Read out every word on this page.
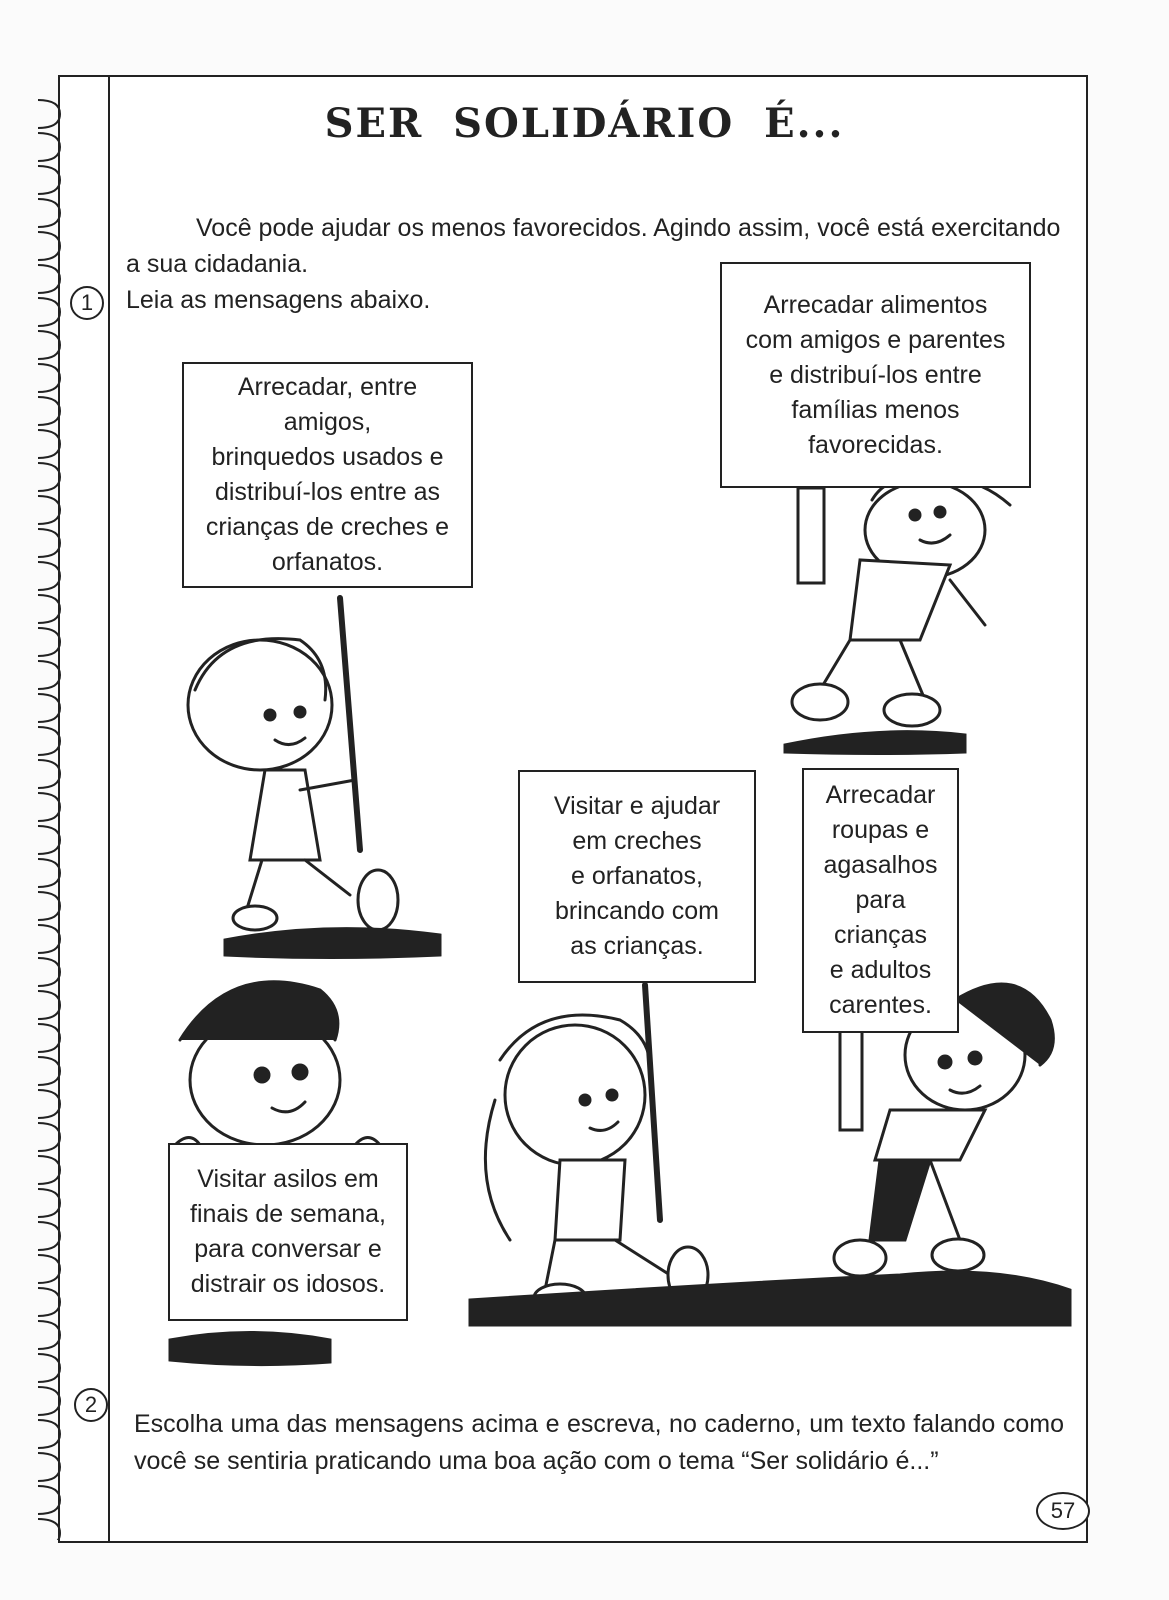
SER SOLIDÁRIO É...

Você pode ajudar os menos favorecidos. Agindo assim, você está exercitando a sua cidadania.

Leia as mensagens abaixo.

1
Arrecadar, entre
amigos,
brinquedos usados e
distribuí-los entre as
crianças de creches e
orfanatos.
Arrecadar alimentos
com amigos e parentes
e distribuí-los entre
famílias menos
favorecidas.
Visitar e ajudar
em creches
e orfanatos,
brincando com
as crianças.
Arrecadar
roupas e
agasalhos
para
crianças
e adultos
carentes.
Visitar asilos em
finais de semana,
para conversar e
distrair os idosos.
2
Escolha uma das mensagens acima e escreva, no caderno, um texto falando como você se sentiria praticando uma boa ação com o tema “Ser solidário é...”
57
